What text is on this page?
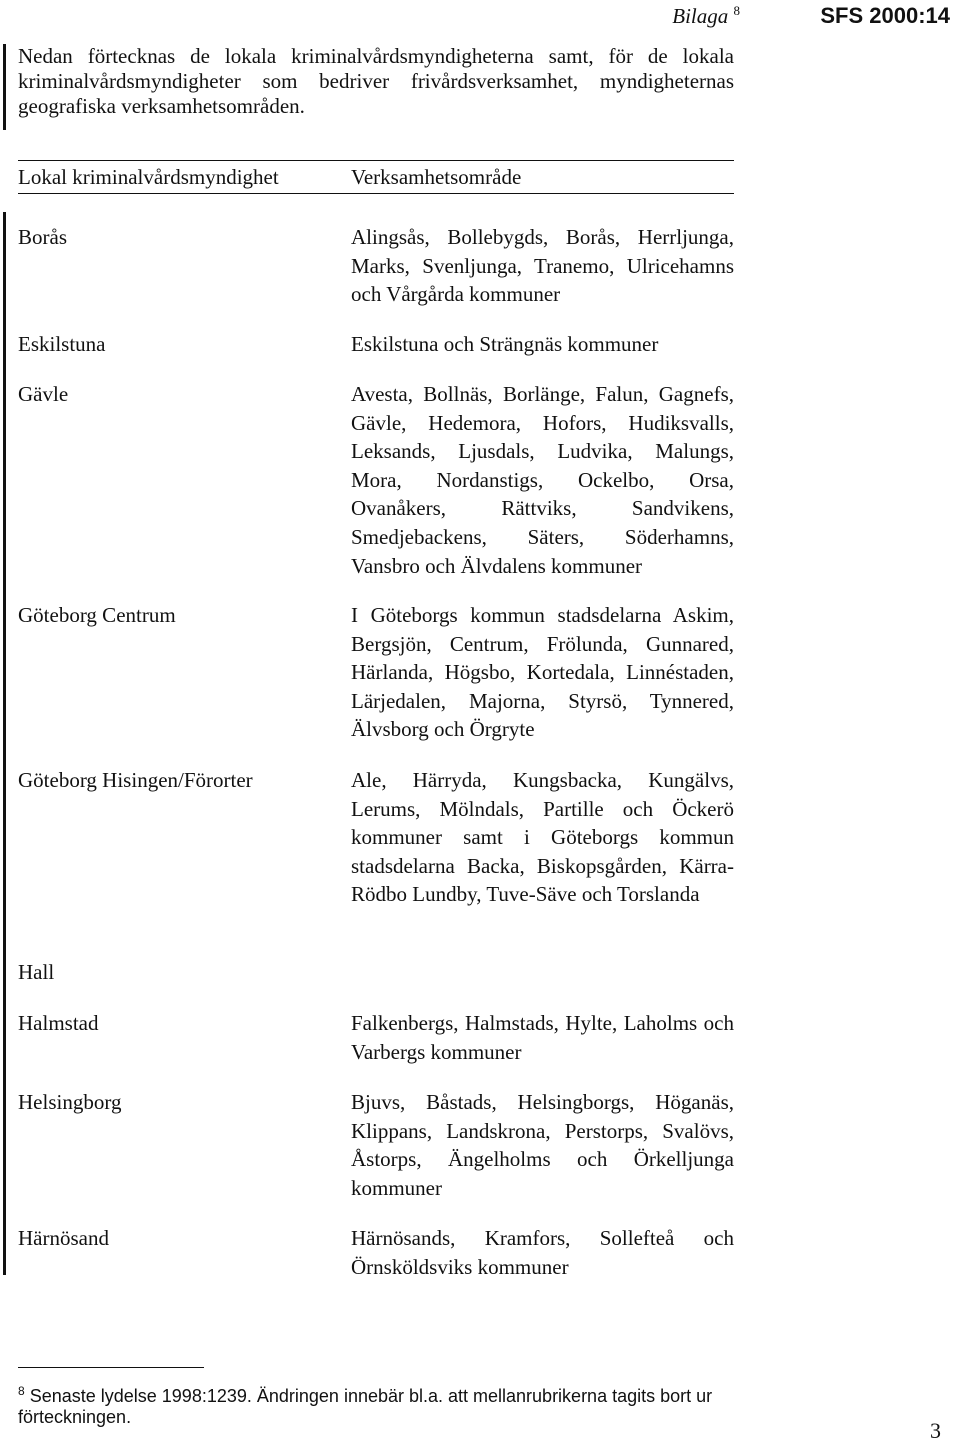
Bilaga $^8$	SFS 2000:14
Nedan förtecknas de lokala kriminalvårdsmyndigheterna samt, för de lokala kriminalvårdsmyndigheter som bedriver frivårdsverksamhet, myndigheternas geografiska verksamhetsområden.
Lokal kriminalvårdsmyndighet	Verksamhetsområde
Borås	Alingsås, Bollebygds, Borås, Herrljunga, Marks, Svenljunga, Tranemo, Ulricehamns och Vårgårda kommuner
Eskilstuna	Eskilstuna och Strängnäs kommuner
Gävle	Avesta, Bollnäs, Borlänge, Falun, Gagnefs, Gävle, Hedemora, Hofors, Hudiksvalls, Leksands, Ljusdals, Ludvika, Malungs, Mora, Nordanstigs, Ockelbo, Orsa, Ovanåkers, Rättviks, Sandvikens, Smedjebackens, Säters, Söderhamns, Vansbro och Älvdalens kommuner
Göteborg Centrum	I Göteborgs kommun stadsdelarna Askim, Bergsjön, Centrum, Frölunda, Gunnared, Härlanda, Högsbo, Kortedala, Linnéstaden, Lärjedalen, Majorna, Styrsö, Tynnered, Älvsborg och Örgryte
Göteborg Hisingen/Förorter	Ale, Härryda, Kungsbacka, Kungälvs, Lerums, Mölndals, Partille och Öckerö kommuner samt i Göteborgs kommun stadsdelarna Backa, Biskopsgården, Kärra-Rödbo Lundby, Tuve-Säve och Torslanda
Hall
Halmstad	Falkenbergs, Halmstads, Hylte, Laholms och Varbergs kommuner
Helsingborg	Bjuvs, Båstads, Helsingborgs, Höganäs, Klippans, Landskrona, Perstorps, Svalövs, Åstorps, Ängelholms och Örkelljunga kommuner
Härnösand	Härnösands, Kramfors, Sollefteå och Örnsköldsviks kommuner
$^8$ Senaste lydelse 1998:1239. Ändringen innebär bl.a. att mellanrubrikerna tagits bort ur förteckningen.
3
